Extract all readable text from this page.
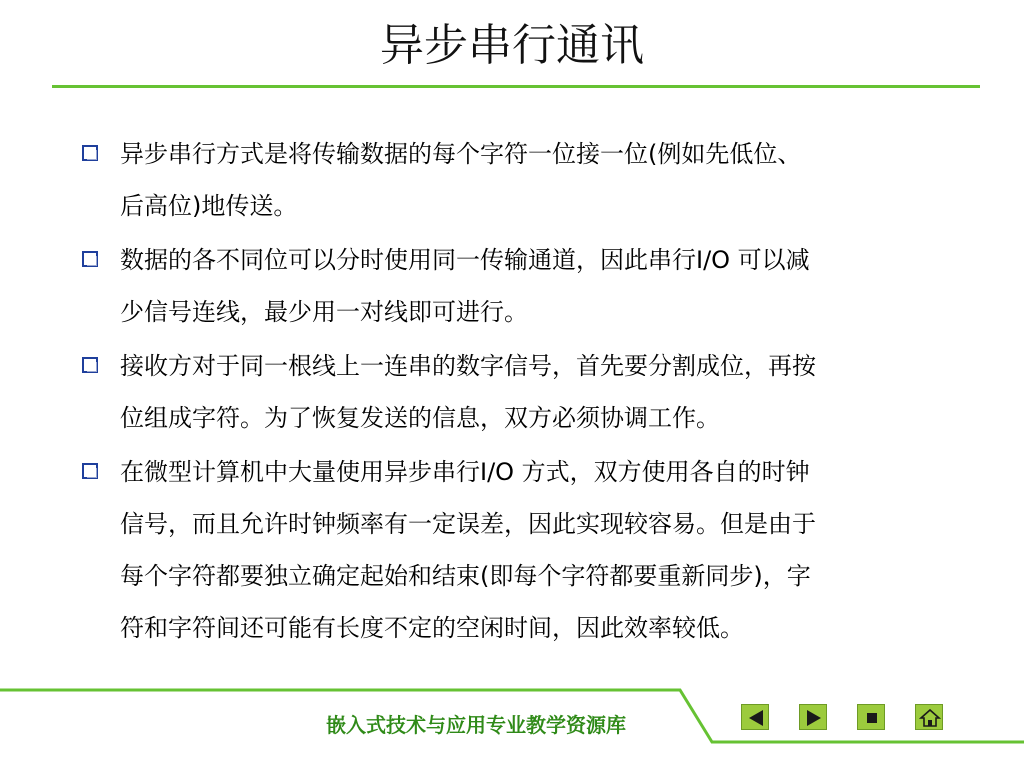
异步串行通讯
异步串行方式是将传输数据的每个字符一位接一位(例如先低位、
后高位)地传送。
数据的各不同位可以分时使用同一传输通道，因此串行I/O 可以减
少信号连线，最少用一对线即可进行。
接收方对于同一根线上一连串的数字信号，首先要分割成位，再按
位组成字符。为了恢复发送的信息，双方必须协调工作。
在微型计算机中大量使用异步串行I/O 方式，双方使用各自的时钟
信号，而且允许时钟频率有一定误差，因此实现较容易。但是由于
每个字符都要独立确定起始和结束(即每个字符都要重新同步)，字
符和字符间还可能有长度不定的空闲时间，因此效率较低。
嵌入式技术与应用专业教学资源库
